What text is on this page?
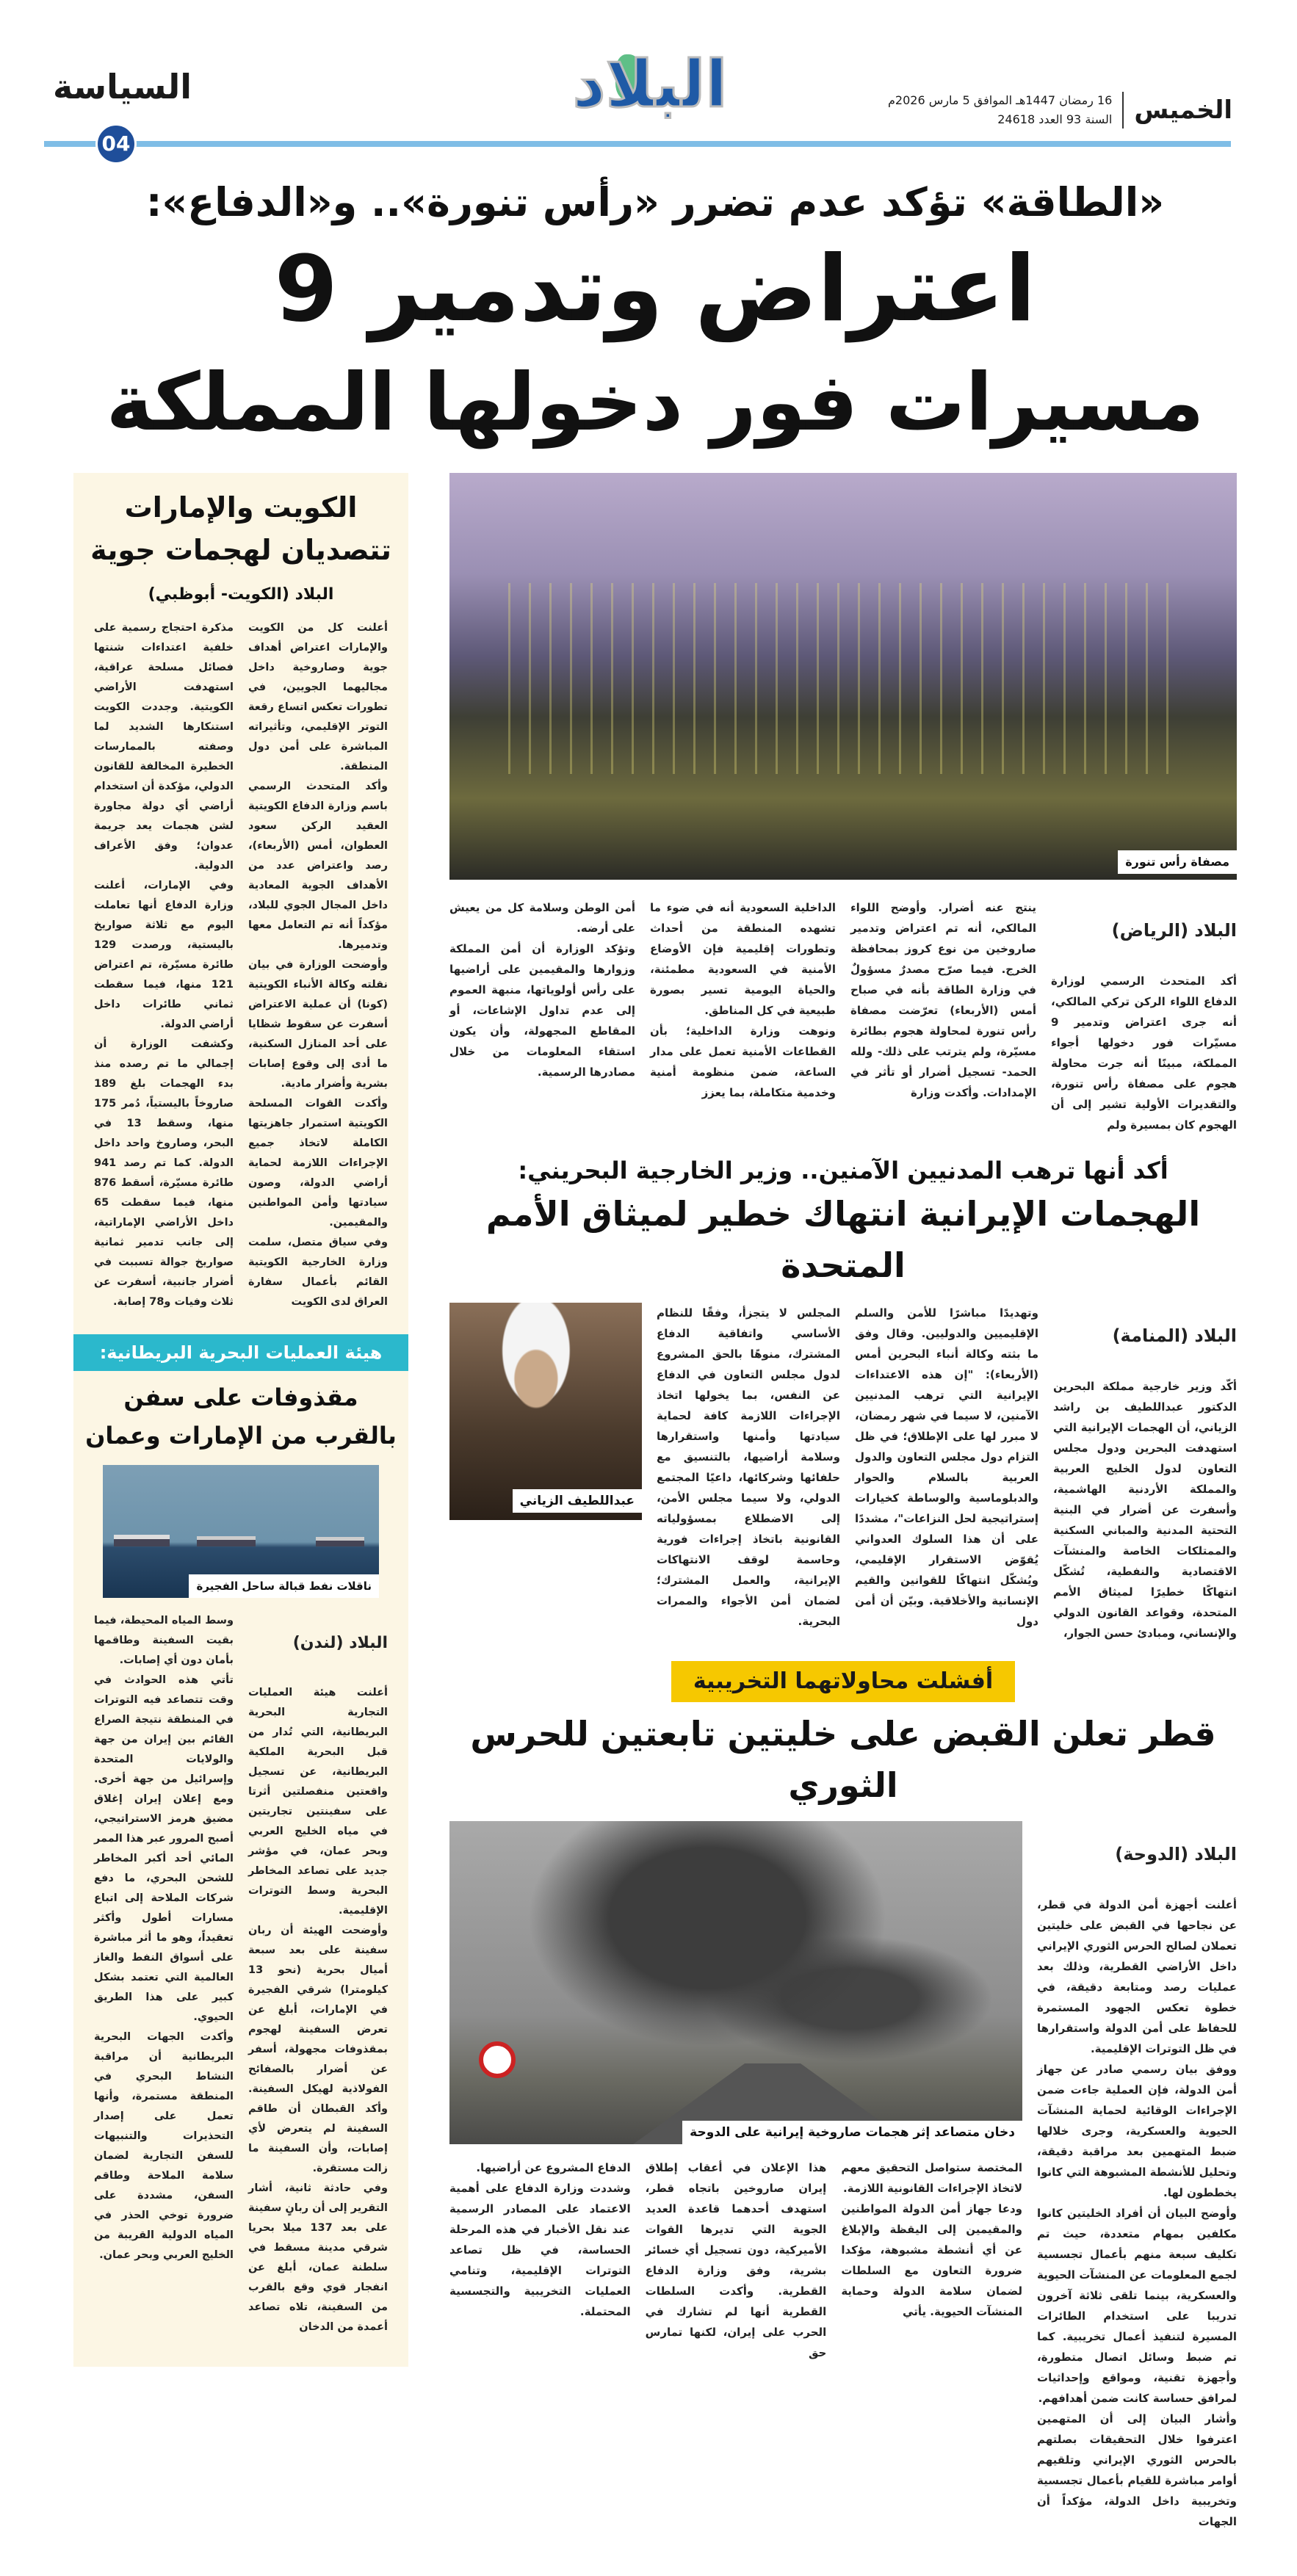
الخميس
16 رمضان 1447هـ الموافق 5 مارس 2026م
السنة 93 العدد 24618
البلاد
السياسة
04
«الطاقة» تؤكد عدم تضرر «رأس تنورة».. و«الدفاع»:
اعتراض وتدمير 9
مسيرات فور دخولها المملكة
مصفاة رأس تنورة

البلاد (الرياض)

أكد المتحدث الرسمي لوزارة الدفاع اللواء الركن تركي المالكي، أنه جرى اعتراض وتدمير 9 مسيّرات فور دخولها أجواء المملكة، مبينًا أنه جرت محاولة هجوم على مصفاة رأس تنورة، والتقديرات الأولية تشير إلى أن الهجوم كان بمسيرة ولم

ينتج عنه أضرار. وأوضح اللواء المالكي، أنه تم اعتراض وتدمير صاروخين من نوع كروز بمحافظة الخرج. فيما صرّح مصدرٌ مسؤولٌ في وزارة الطاقة بأنه في صباح أمس (الأربعاء) تعرّضت مصفاة رأس تنورة لمحاولة هجوم بطائرة مسيّرة، ولم يترتب على ذلك- ولله الحمد- تسجيل أضرار أو تأثر في الإمدادات. وأكدت وزارة
الداخلية السعودية أنه في ضوء ما تشهده المنطقة من أحداث وتطورات إقليمية فإن الأوضاع الأمنية في السعودية مطمئنة، والحياة اليومية تسير بصورة طبيعية في كل المناطق.
ونوهت وزارة الداخلية؛ بأن القطاعات الأمنية تعمل على مدار الساعة، ضمن منظومة أمنية وخدمية متكاملة، بما يعزز
أمن الوطن وسلامة كل من يعيش على أرضه.
وتؤكد الوزارة أن أمن المملكة وزوارها والمقيمين على أراضيها على رأس أولوياتها، منبهة العموم إلى عدم تداول الإشاعات، أو المقاطع المجهولة، وأن يكون استقاء المعلومات من خلال مصادرها الرسمية.
أكد أنها ترهب المدنيين الآمنين.. وزير الخارجية البحريني:
الهجمات الإيرانية انتهاك خطير لميثاق الأمم المتحدة

البلاد (المنامة)

أكّد وزير خارجية مملكة البحرين الدكتور عبداللطيف بن راشد الزياني، أن الهجمات الإيرانية التي استهدفت البحرين ودول مجلس التعاون لدول الخليج العربية والمملكة الأردنية الهاشمية، وأسفرت عن أضرار في البنية التحتية المدنية والمباني السكنية والممتلكات الخاصة والمنشآت الاقتصادية والنفطية، تُشكّل انتهاكًا خطيرًا لميثاق الأمم المتحدة، وقواعد القانون الدولي والإنساني، ومبادئ حسن الجوار،

وتهديدًا مباشرًا للأمن والسلم الإقليميين والدوليين. وقال وفق ما بثته وكالة أنباء البحرين أمس (الأربعاء): "إن هذه الاعتداءات الإيرانية التي ترهب المدنيين الآمنين، لا سيما في شهر رمضان، لا مبرر لها على الإطلاق؛ في ظل التزام دول مجلس التعاون والدول العربية بالسلام والحوار والدبلوماسية والوساطة كخيارات إستراتيجية لحل النزاعات"، مشددًا على أن هذا السلوك العدواني يُقوّض الاستقرار الإقليمي، ويُشكّل انتهاكًا للقوانين والقيم الإنسانية والأخلاقية. وبيّن أن أمن دول
المجلس لا يتجزأ، وفقًا للنظام الأساسي واتفاقية الدفاع المشترك، منوهًا بالحق المشروع لدول مجلس التعاون في الدفاع عن النفس، بما يخولها اتخاذ الإجراءات اللازمة كافة لحماية سيادتها وأمنها واستقرارها وسلامة أراضيها، بالتنسيق مع حلفائها وشركائها، داعيًا المجتمع الدولي، ولا سيما مجلس الأمن، إلى الاضطلاع بمسؤولياته القانونية باتخاذ إجراءات فورية وحاسمة لوقف الانتهاكات الإيرانية، والعمل المشترك؛ لضمان أمن الأجواء والممرات البحرية.
عبداللطيف الزياني
أفشلت محاولاتهما التخريبية
قطر تعلن القبض على خليتين تابعتين للحرس الثوري

البلاد (الدوحة)

أعلنت أجهزة أمن الدولة في قطر، عن نجاحها في القبض على خليتين تعملان لصالح الحرس الثوري الإيراني داخل الأراضي القطرية، وذلك بعد عمليات رصد ومتابعة دقيقة، في خطوة تعكس الجهود المستمرة للحفاظ على أمن الدولة واستقرارها في ظل التوترات الإقليمية.
ووفق بيان رسمي صادر عن جهاز أمن الدولة، فإن العملية جاءت ضمن الإجراءات الوقائية لحماية المنشآت الحيوية والعسكرية، وجرى خلالها ضبط المتهمين بعد مراقبة دقيقة، وتحليل للأنشطة المشبوهة التي كانوا يخططون لها.
وأوضح البيان أن أفراد الخليتين كانوا مكلفين بمهام متعددة، حيث تم تكليف سبعة منهم بأعمال تجسسية لجمع المعلومات عن المنشآت الحيوية والعسكرية، بينما تلقى ثلاثة آخرون تدريبا على استخدام الطائرات المسيرة لتنفيذ أعمال تخريبية. كما تم ضبط وسائل اتصال متطورة، وأجهزة تقنية، ومواقع وإحداثيات لمرافق حساسة كانت ضمن أهدافهم.
وأشار البيان إلى أن المتهمين اعترفوا خلال التحقيقات بصلتهم بالحرس الثوري الإيراني وتلقيهم أوامر مباشرة للقيام بأعمال تجسسية وتخريبية داخل الدولة، مؤكداً أن الجهات

دخان متصاعد إثر هجمات صاروخية إيرانية على الدوحة
المختصة ستواصل التحقيق معهم لاتخاذ الإجراءات القانونية اللازمة.
ودعا جهاز أمن الدولة المواطنين والمقيمين إلى اليقظة والإبلاغ عن أي أنشطة مشبوهة، مؤكدا ضرورة التعاون مع السلطات لضمان سلامة الدولة وحماية المنشآت الحيوية. يأتي
هذا الإعلان في أعقاب إطلاق إيران صاروخين باتجاه قطر، استهدف أحدهما قاعدة العديد الجوية التي تديرها القوات الأميركية، دون تسجيل أي خسائر بشرية، وفق وزارة الدفاع القطرية. وأكدت السلطات القطرية أنها لم تشارك في الحرب على إيران، لكنها تمارس حق
الدفاع المشروع عن أراضيها.
وشددت وزارة الدفاع على أهمية الاعتماد على المصادر الرسمية عند نقل الأخبار في هذه المرحلة الحساسة، في ظل تصاعد التوترات الإقليمية، وتنامي العمليات التخريبية والتجسسية المحتملة.
الكويت والإمارات
تتصديان لهجمات جوية
البلاد (الكويت- أبوظبي)
أعلنت كل من الكويت والإمارات اعتراض أهداف جوية وصاروخية داخل مجاليهما الجويين، في تطورات تعكس اتساع رقعة التوتر الإقليمي، وتأثيراته المباشرة على أمن دول المنطقة.
وأكد المتحدث الرسمي باسم وزارة الدفاع الكويتية العقيد الركن سعود العطوان، أمس (الأربعاء)، رصد واعتراض عدد من الأهداف الجوية المعادية داخل المجال الجوي للبلاد، مؤكداً أنه تم التعامل معها وتدميرها.
وأوضحت الوزارة في بيان نقلته وكالة الأنباء الكويتية (كونا) أن عملية الاعتراض أسفرت عن سقوط شظايا على أحد المنازل السكنية، ما أدى إلى وقوع إصابات بشرية وأضرار مادية.
وأكدت القوات المسلحة الكويتية استمرار جاهزيتها الكاملة لاتخاذ جميع الإجراءات اللازمة لحماية أراضي الدولة، وصون سيادتها وأمن المواطنين والمقيمين.
وفي سياق متصل، سلمت وزارة الخارجية الكويتية القائم بأعمال سفارة العراق لدى الكويت
مذكرة احتجاج رسمية على خلفية اعتداءات شنتها فصائل مسلحة عراقية، استهدفت الأراضي الكويتية. وجددت الكويت استنكارها الشديد لما وصفته بالممارسات الخطيرة المخالفة للقانون الدولي، مؤكدة أن استخدام أراضي أي دولة مجاورة لشن هجمات يعد جريمة عدوان؛ وفق الأعراف الدولية.
وفي الإمارات، أعلنت وزارة الدفاع أنها تعاملت اليوم مع ثلاثة صواريخ باليستية، ورصدت 129 طائرة مسيّرة، تم اعتراض 121 منها، فيما سقطت ثماني طائرات داخل أراضي الدولة.
وكشفت الوزارة أن إجمالي ما تم رصده منذ بدء الهجمات بلغ 189 صاروخاً باليستياً، دُمر 175 منها، وسقط 13 في البحر، وصاروخ واحد داخل الدولة. كما تم رصد 941 طائرة مسيّرة، أسقط 876 منها، فيما سقطت 65 داخل الأراضي الإماراتية، إلى جانب تدمير ثمانية صواريخ جوالة تسببت في أضرار جانبية، أسفرت عن ثلاث وفيات و78 إصابة.
هيئة العمليات البحرية البريطانية:
مقذوفات على سفن
بالقرب من الإمارات وعمان
ناقلات نفط قبالة ساحل الفجيرة

البلاد (لندن)

أعلنت هيئة العمليات التجارية البحرية البريطانية، التي تُدار من قبل البحرية الملكية البريطانية، عن تسجيل واقعتين منفصلتين أثرتا على سفينتين تجاريتين في مياه الخليج العربي وبحر عمان، في مؤشر جديد على تصاعد المخاطر البحرية وسط التوترات الإقليمية.
وأوضحت الهيئة أن ربان سفينة على بعد سبعة أميال بحرية (نحو 13 كيلومترا) شرقي الفجيرة في الإمارات، أبلغ عن تعرض السفينة لهجوم بمقذوفات مجهولة، أسفر عن أضرار بالصفائح الفولاذية لهيكل السفينة. وأكد القبطان أن طاقم السفينة لم يتعرض لأي إصابات، وأن السفينة ما زالت مستقرة.
وفي حادثة ثانية، أشار التقرير إلى أن ربانٍ سفينة على بعد 137 ميلا بحريا شرقي مدينة مسقط في سلطنة عمان، أبلغ عن انفجار قوي وقع بالقرب من السفينة، تلاه تصاعد أعمدة من الدخان

وسط المياه المحيطة، فيما بقيت السفينة وطاقمها بأمان دون أي إصابات.
تأتي هذه الحوادث في وقت تتصاعد فيه التوترات في المنطقة نتيجة الصراع القائم بين إيران من جهة والولايات المتحدة وإسرائيل من جهة أخرى. ومع إعلان إيران إغلاق مضيق هرمز الاستراتيجي، أصبح المرور عبر هذا الممر المائي أحد أكبر المخاطر للشحن البحري، ما دفع شركات الملاحة إلى اتباع مسارات أطول وأكثر تعقيداً، وهو ما أثر مباشرة على أسواق النفط والغاز العالمية التي تعتمد بشكل كبير على هذا الطريق الحيوي.
وأكدت الجهات البحرية البريطانية أن مراقبة النشاط البحري في المنطقة مستمرة، وأنها تعمل على إصدار التحذيرات والتنبيهات للسفن التجارية لضمان سلامة الملاحة وطاقم السفن، مشددة على ضرورة توخي الحذر في المياه الدولية القريبة من الخليج العربي وبحر عمان.
